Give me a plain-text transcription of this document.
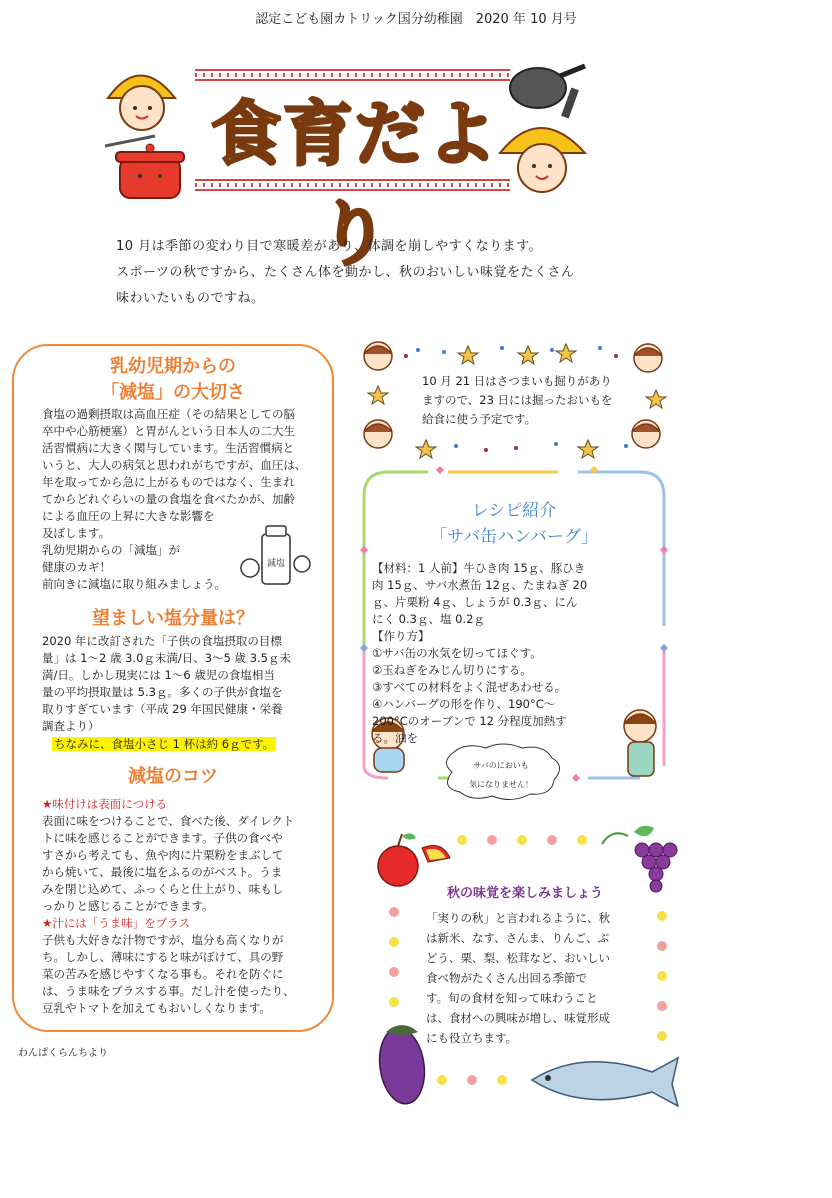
認定こども園カトリック国分幼稚園　2020 年 10 月号
食育だより
10 月は季節の変わり目で寒暖差があり、体調を崩しやすくなります。
スポーツの秋ですから、たくさん体を動かし、秋のおいしい味覚をたくさん
味わいたいものですね。
乳幼児期からの
「減塩」の大切さ
食塩の過剰摂取は高血圧症（その結果としての脳
卒中や心筋梗塞）と胃がんという日本人の二大生
活習慣病に大きく関与しています。生活習慣病と
いうと、大人の病気と思われがちですが、血圧は、
年を取ってから急に上がるものではなく、生まれ
てからどれぐらいの量の食塩を食べたかが、加齢
による血圧の上昇に大きな影響を
及ぼします。
乳幼児期からの「減塩」が
健康のカギ！
前向きに減塩に取り組みましょう。
減塩
望ましい塩分量は？
2020 年に改訂された「子供の食塩摂取の目標
量」は 1～2 歳 3.0ｇ未満/日、3～5 歳 3.5ｇ未
満/日。しかし現実には 1～6 歳児の食塩相当
量の平均摂取量は 5.3ｇ。多くの子供が食塩を
取りすぎています（平成 29 年国民健康・栄養
調査より）
ちなみに、食塩小さじ 1 杯は約 6ｇです。
減塩のコツ
★味付けは表面につける
表面に味をつけることで、食べた後、ダイレクト
トに味を感じることができます。子供の食べや
すさから考えても、魚や肉に片栗粉をまぶして
から焼いて、最後に塩をふるのがベスト。うま
みを閉じ込めて、ふっくらと仕上がり、味もし
っかりと感じることができます。
★汁には「うま味」をプラス
子供も大好きな汁物ですが、塩分も高くなりが
ち。しかし、薄味にすると味がぼけて、具の野
菜の苦みを感じやすくなる事も。それを防ぐに
は、うま味をプラスする事。だし汁を使ったり、
豆乳やトマトを加えてもおいしくなります。
わんぱくらんちより
10 月 21 日はさつまいも掘りがあり
ますので、23 日には掘ったおいもを
給食に使う予定です。
レシピ紹介
「サバ缶ハンバーグ」
【材料：1 人前】牛ひき肉 15ｇ、豚ひき
肉 15ｇ、サバ水煮缶 12ｇ、たまねぎ 20
ｇ、片栗粉 4ｇ、しょうが 0.3ｇ、にん
にく 0.3ｇ、塩 0.2ｇ
【作り方】
①サバ缶の水気を切ってほぐす。
②玉ねぎをみじん切りにする。
③すべての材料をよく混ぜあわせる。
④ハンバーグの形を作り、190°C～
200°Cのオーブンで 12 分程度加熱す
る。油を
サバのにおいも
気になりません！
秋の味覚を楽しみましょう
「実りの秋」と言われるように、秋
は新米、なす、さんま、りんご、ぶ
どう、栗、梨、松茸など、おいしい
食べ物がたくさん出回る季節で
す。旬の食材を知って味わうこと
は、食材への興味が増し、味覚形成
にも役立ちます。
